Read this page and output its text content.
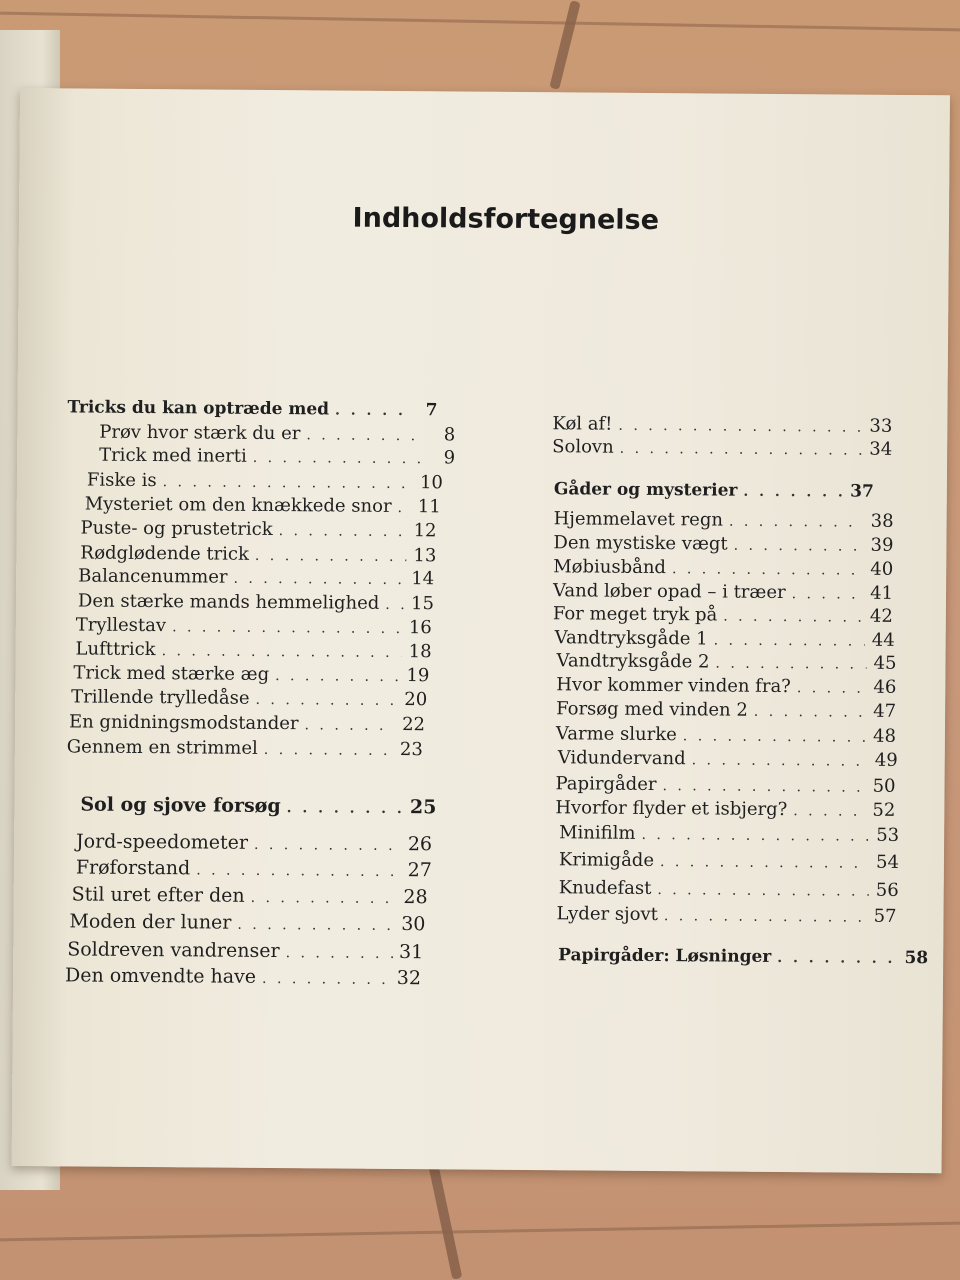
Indholdsfortegnelse
Tricks du kan optræde med . . .	7
Prøv hvor stærk du er . . .	8
Trick med inerti . . .	9
Fiske is . . .	10
Mysteriet om den knækkede snor . . . 11
Puste- og prustetrick . . .	12
Rødglødende trick . . .	13
Balancenummer . . .	14
Den stærke mands hemmelighed . . . 15
Tryllestav . . .	16
Lufttrick . . .	18
Trick med stærke æg . . .	19
Trillende trylledåse . . .	20
En gnidningsmodstander . . .	22
Gennem en strimmel . . .	23
Sol og sjove forsøg . . .	25
Jord-speedometer . . .	26
Frøforstand . . .	27
Stil uret efter den . . .	28
Moden der luner . . .	30
Soldreven vandrenser . . .	31
Den omvendte have . . .	32
Køl af! . . .	33
Solovn . . .	34
Gåder og mysterier . . .	37
Hjemmelavet regn . . .	38
Den mystiske vægt . . .	39
Møbiusbånd . . .	40
Vand løber opad – i træer . . .	41
For meget tryk på . . .	42
Vandtryksgåde 1 . . .	44
Vandtryksgåde 2 . . .	45
Hvor kommer vinden fra? . . .	46
Forsøg med vinden 2 . . .	47
Varme slurke . . .	48
Vidundervand . . .	49
Papirgåder . . .	50
Hvorfor flyder et isbjerg? . . .	52
Minifilm . . .	53
Krimigåde . . .	54
Knudefast . . .	56
Lyder sjovt . . .	57
Papirgåder: Løsninger . . .	58
